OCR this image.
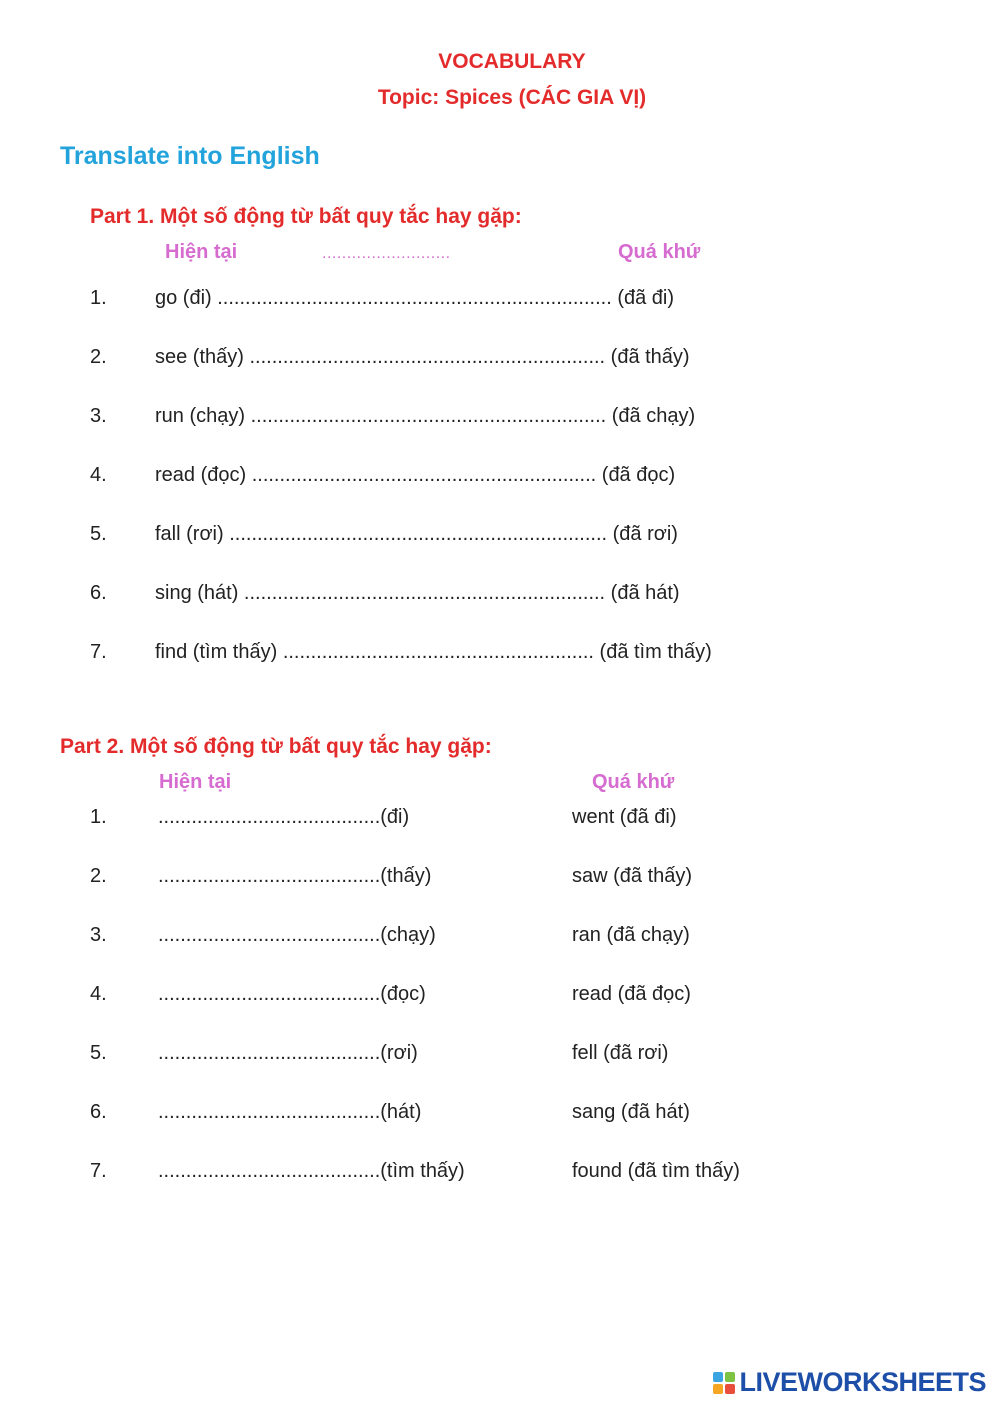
VOCABULARY
Topic: Spices (CÁC GIA VỊ)
Translate into English
Part 1. Một số động từ bất quy tắc hay gặp:
Hiện tại	..........................	Quá khứ
1. go (đi) ....................................................................... (đã đi)
2. see (thấy) ................................................................ (đã thấy)
3. run (chạy) ................................................................ (đã chạy)
4. read (đọc) .............................................................. (đã đọc)
5. fall (rơi) .................................................................... (đã rơi)
6. sing (hát) ................................................................. (đã hát)
7. find (tìm thấy) ........................................................ (đã tìm thấy)
Part 2. Một số động từ bất quy tắc hay gặp:
Hiện tại	Quá khứ
1.	........................................(đi)	went (đã đi)
2.	........................................(thấy)	saw (đã thấy)
3.	........................................(chạy)	ran (đã chạy)
4.	........................................(đọc)	read (đã đọc)
5.	........................................(rơi)	fell (đã rơi)
6.	........................................(hát)	sang (đã hát)
7.	........................................(tìm thấy)	found (đã tìm thấy)
LIVEWORKSHEETS
